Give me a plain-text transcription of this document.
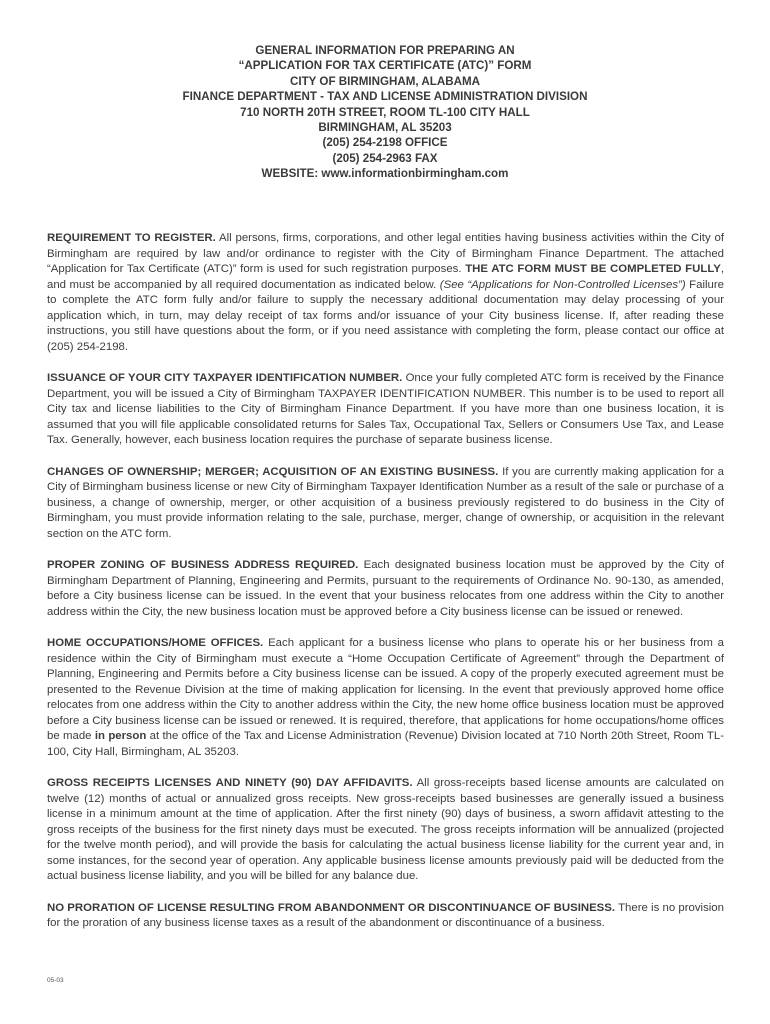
GENERAL INFORMATION FOR PREPARING AN
“APPLICATION FOR TAX CERTIFICATE (ATC)” FORM
CITY OF BIRMINGHAM, ALABAMA
FINANCE DEPARTMENT - TAX AND LICENSE ADMINISTRATION DIVISION
710 NORTH 20TH STREET, ROOM TL-100 CITY HALL
BIRMINGHAM, AL 35203
(205) 254-2198 OFFICE
(205) 254-2963 FAX
WEBSITE: www.informationbirmingham.com

REQUIREMENT TO REGISTER. All persons, firms, corporations, and other legal entities having business activities within the City of Birmingham are required by law and/or ordinance to register with the City of Birmingham Finance Department. The attached “Application for Tax Certificate (ATC)” form is used for such registration purposes. THE ATC FORM MUST BE COMPLETED FULLY, and must be accompanied by all required documentation as indicated below. (See “Applications for Non-Controlled Licenses”) Failure to complete the ATC form fully and/or failure to supply the necessary additional documentation may delay processing of your application which, in turn, may delay receipt of tax forms and/or issuance of your City business license. If, after reading these instructions, you still have questions about the form, or if you need assistance with completing the form, please contact our office at (205) 254-2198.

ISSUANCE OF YOUR CITY TAXPAYER IDENTIFICATION NUMBER. Once your fully completed ATC form is received by the Finance Department, you will be issued a City of Birmingham TAXPAYER IDENTIFICATION NUMBER. This number is to be used to report all City tax and license liabilities to the City of Birmingham Finance Department. If you have more than one business location, it is assumed that you will file applicable consolidated returns for Sales Tax, Occupational Tax, Sellers or Consumers Use Tax, and Lease Tax. Generally, however, each business location requires the purchase of separate business license.

CHANGES OF OWNERSHIP; MERGER; ACQUISITION OF AN EXISTING BUSINESS. If you are currently making application for a City of Birmingham business license or new City of Birmingham Taxpayer Identification Number as a result of the sale or purchase of a business, a change of ownership, merger, or other acquisition of a business previously registered to do business in the City of Birmingham, you must provide information relating to the sale, purchase, merger, change of ownership, or acquisition in the relevant section on the ATC form.

PROPER ZONING OF BUSINESS ADDRESS REQUIRED. Each designated business location must be approved by the City of Birmingham Department of Planning, Engineering and Permits, pursuant to the requirements of Ordinance No. 90-130, as amended, before a City business license can be issued. In the event that your business relocates from one address within the City to another address within the City, the new business location must be approved before a City business license can be issued or renewed.

HOME OCCUPATIONS/HOME OFFICES. Each applicant for a business license who plans to operate his or her business from a residence within the City of Birmingham must execute a “Home Occupation Certificate of Agreement” through the Department of Planning, Engineering and Permits before a City business license can be issued. A copy of the properly executed agreement must be presented to the Revenue Division at the time of making application for licensing. In the event that previously approved home office relocates from one address within the City to another address within the City, the new home office business location must be approved before a City business license can be issued or renewed. It is required, therefore, that applications for home occupations/home offices be made in person at the office of the Tax and License Administration (Revenue) Division located at 710 North 20th Street, Room TL-100, City Hall, Birmingham, AL 35203.

GROSS RECEIPTS LICENSES AND NINETY (90) DAY AFFIDAVITS. All gross-receipts based license amounts are calculated on twelve (12) months of actual or annualized gross receipts. New gross-receipts based businesses are generally issued a business license in a minimum amount at the time of application. After the first ninety (90) days of business, a sworn affidavit attesting to the gross receipts of the business for the first ninety days must be executed. The gross receipts information will be annualized (projected for the twelve month period), and will provide the basis for calculating the actual business license liability for the current year and, in some instances, for the second year of operation. Any applicable business license amounts previously paid will be deducted from the actual business license liability, and you will be billed for any balance due.

NO PRORATION OF LICENSE RESULTING FROM ABANDONMENT OR DISCONTINUANCE OF BUSINESS. There is no provision for the proration of any business license taxes as a result of the abandonment or discontinuance of a business.

05-03
